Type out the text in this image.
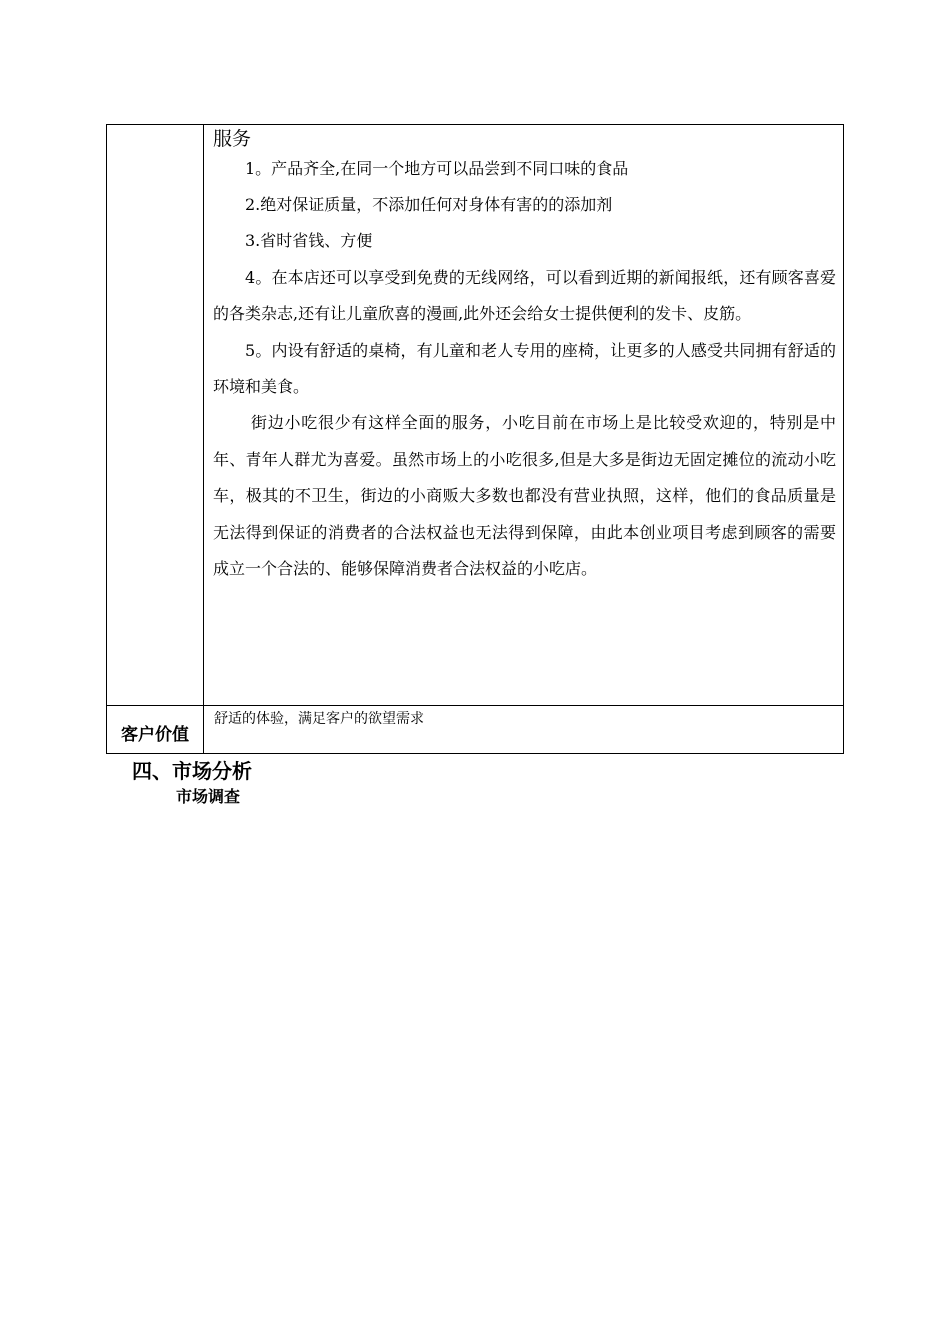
服务

1。产品齐全,在同一个地方可以品尝到不同口味的食品

2.绝对保证质量，不添加任何对身体有害的的添加剂

3.省时省钱、方便

4。在本店还可以享受到免费的无线网络，可以看到近期的新闻报纸，还有顾客喜爱的各类杂志,还有让儿童欣喜的漫画,此外还会给女士提供便利的发卡、皮筋。

5。内设有舒适的桌椅，有儿童和老人专用的座椅，让更多的人感受共同拥有舒适的环境和美食。

街边小吃很少有这样全面的服务，小吃目前在市场上是比较受欢迎的，特别是中年、青年人群尤为喜爱。虽然市场上的小吃很多,但是大多是街边无固定摊位的流动小吃车，极其的不卫生，街边的小商贩大多数也都没有营业执照，这样，他们的食品质量是无法得到保证的消费者的合法权益也无法得到保障，由此本创业项目考虑到顾客的需要成立一个合法的、能够保障消费者合法权益的小吃店。

客户价值
舒适的体验，满足客户的欲望需求

四、市场分析

市场调查
